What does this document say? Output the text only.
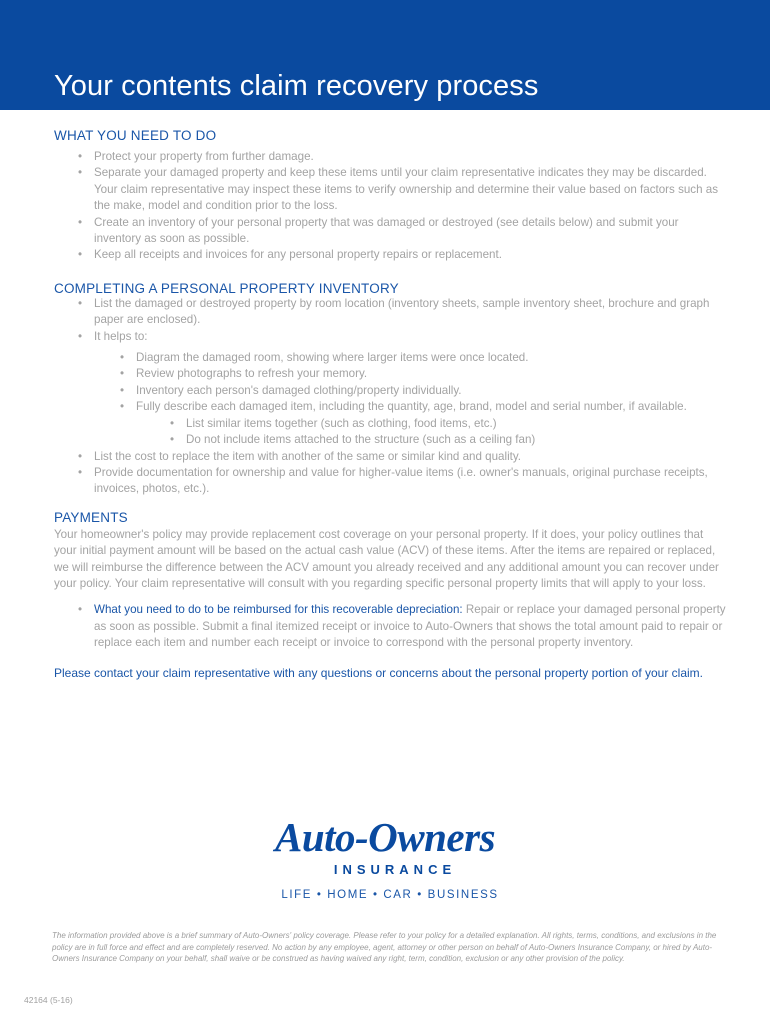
Your contents claim recovery process
WHAT YOU NEED TO DO
• Protect your property from further damage.
• Separate your damaged property and keep these items until your claim representative indicates they may be discarded. Your claim representative may inspect these items to verify ownership and determine their value based on factors such as the make, model and condition prior to the loss.
• Create an inventory of your personal property that was damaged or destroyed (see details below) and submit your inventory as soon as possible.
• Keep all receipts and invoices for any personal property repairs or replacement.
COMPLETING A PERSONAL PROPERTY INVENTORY
• List the damaged or destroyed property by room location (inventory sheets, sample inventory sheet, brochure and graph paper are enclosed).
• It helps to:
• Diagram the damaged room, showing where larger items were once located.
• Review photographs to refresh your memory.
• Inventory each person's damaged clothing/property individually.
• Fully describe each damaged item, including the quantity, age, brand, model and serial number, if available.
• List similar items together (such as clothing, food items, etc.)
• Do not include items attached to the structure (such as a ceiling fan)
• List the cost to replace the item with another of the same or similar kind and quality.
• Provide documentation for ownership and value for higher-value items (i.e. owner's manuals, original purchase receipts, invoices, photos, etc.).
PAYMENTS

Your homeowner's policy may provide replacement cost coverage on your personal property. If it does, your policy outlines that your initial payment amount will be based on the actual cash value (ACV) of these items. After the items are repaired or replaced, we will reimburse the difference between the ACV amount you already received and any additional amount you can recover under your policy. Your claim representative will consult with you regarding specific personal property limits that will apply to your loss.

• What you need to do to be reimbursed for this recoverable depreciation: Repair or replace your damaged personal property as soon as possible. Submit a final itemized receipt or invoice to Auto-Owners that shows the total amount paid to repair or replace each item and number each receipt or invoice to correspond with the personal property inventory.

Please contact your claim representative with any questions or concerns about the personal property portion of your claim.

Auto-Owners
INSURANCE
LIFE • HOME • CAR • BUSINESS

The information provided above is a brief summary of Auto-Owners' policy coverage. Please refer to your policy for a detailed explanation. All rights, terms, conditions, and exclusions in the policy are in full force and effect and are completely reserved. No action by any employee, agent, attorney or other person on behalf of Auto-Owners Insurance Company, or hired by Auto-Owners Insurance Company on your behalf, shall waive or be construed as having waived any right, term, condition, exclusion or any other provision of the policy.

42164 (5-16)
